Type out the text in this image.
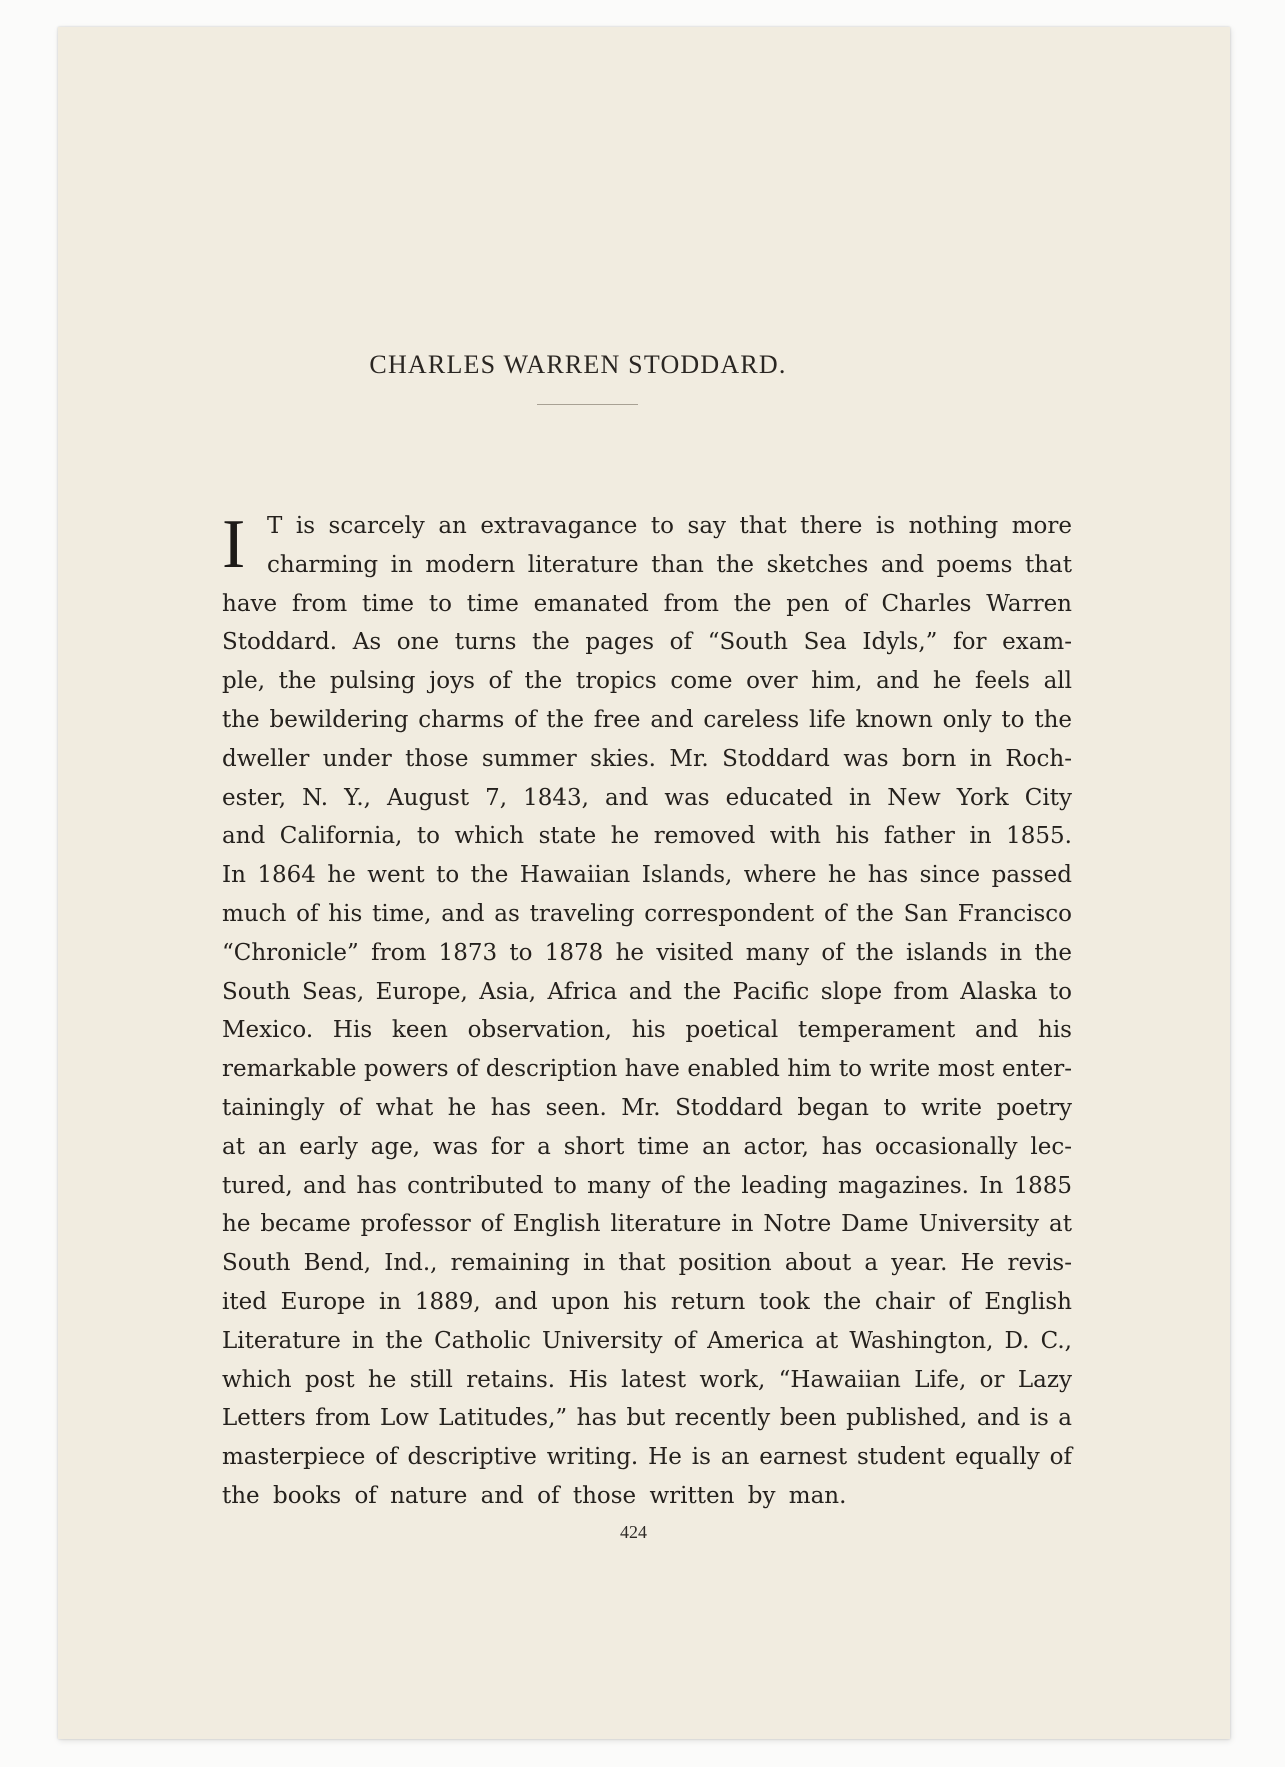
CHARLES WARREN STODDARD.
I T is scarcely an extravagance to say that there is nothing more
charming in modern literature than the sketches and poems that
have from time to time emanated from the pen of Charles Warren
Stoddard. As one turns the pages of “South Sea Idyls,” for exam-
ple, the pulsing joys of the tropics come over him, and he feels all
the bewildering charms of the free and careless life known only to the
dweller under those summer skies. Mr. Stoddard was born in Roch-
ester, N. Y., August 7, 1843, and was educated in New York City
and California, to which state he removed with his father in 1855.
In 1864 he went to the Hawaiian Islands, where he has since passed
much of his time, and as traveling correspondent of the San Francisco
“Chronicle” from 1873 to 1878 he visited many of the islands in the
South Seas, Europe, Asia, Africa and the Pacific slope from Alaska to
Mexico. His keen observation, his poetical temperament and his
remarkable powers of description have enabled him to write most enter-
tainingly of what he has seen. Mr. Stoddard began to write poetry
at an early age, was for a short time an actor, has occasionally lec-
tured, and has contributed to many of the leading magazines. In 1885
he became professor of English literature in Notre Dame University at
South Bend, Ind., remaining in that position about a year. He revis-
ited Europe in 1889, and upon his return took the chair of English
Literature in the Catholic University of America at Washington, D. C.,
which post he still retains. His latest work, “Hawaiian Life, or Lazy
Letters from Low Latitudes,” has but recently been published, and is a
masterpiece of descriptive writing. He is an earnest student equally of
the books of nature and of those written by man.
424
